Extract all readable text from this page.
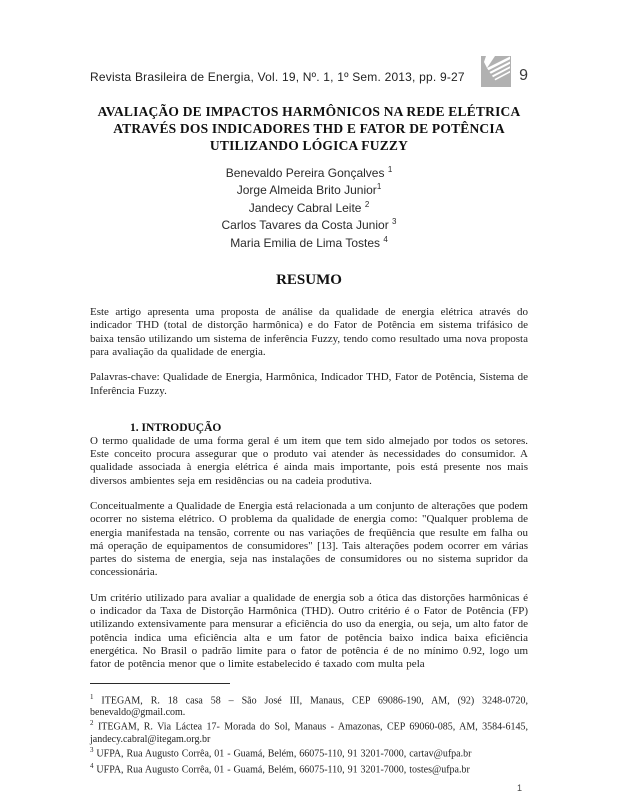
Revista Brasileira de Energia, Vol. 19, Nº. 1, 1º Sem. 2013, pp. 9-27	9
AVALIAÇÃO DE IMPACTOS HARMÔNICOS NA REDE ELÉTRICA
ATRAVÉS DOS INDICADORES THD E FATOR DE POTÊNCIA
UTILIZANDO LÓGICA FUZZY
Benevaldo Pereira Gonçalves $^1$
Jorge Almeida Brito Junior$^1$
Jandecy Cabral Leite $^2$
Carlos Tavares da Costa Junior $^3$
Maria Emilia de Lima Tostes $^4$
RESUMO

Este artigo apresenta uma proposta de análise da qualidade de energia elétrica através do indicador THD (total de distorção harmônica) e do Fator de Potência em sistema trifásico de baixa tensão utilizando um sistema de inferência Fuzzy, tendo como resultado uma nova proposta para avaliação da qualidade de energia.

Palavras-chave: Qualidade de Energia, Harmônica, Indicador THD, Fator de Potência, Sistema de Inferência Fuzzy.

1. INTRODUÇÃO

O termo qualidade de uma forma geral é um item que tem sido almejado por todos os setores. Este conceito procura assegurar que o produto vai atender às necessidades do consumidor. A qualidade associada à energia elétrica é ainda mais importante, pois está presente nos mais diversos ambientes seja em residências ou na cadeia produtiva.

Conceitualmente a Qualidade de Energia está relacionada a um conjunto de alterações que podem ocorrer no sistema elétrico. O problema da qualidade de energia como: "Qualquer problema de energia manifestada na tensão, corrente ou nas variações de freqüência que resulte em falha ou má operação de equipamentos de consumidores" [13]. Tais alterações podem ocorrer em várias partes do sistema de energia, seja nas instalações de consumidores ou no sistema supridor da concessionária.

Um critério utilizado para avaliar a qualidade de energia sob a ótica das distorções harmônicas é o indicador da Taxa de Distorção Harmônica (THD). Outro critério é o Fator de Potência (FP) utilizando extensivamente para mensurar a eficiência do uso da energia, ou seja, um alto fator de potência indica uma eficiência alta e um fator de potência baixo indica baixa eficiência energética. No Brasil o padrão limite para o fator de potência é de no mínimo 0.92, logo um fator de potência menor que o limite estabelecido é taxado com multa pela

$^1$ ITEGAM, R. 18 casa 58 – São José III, Manaus, CEP 69086-190, AM, (92) 3248-0720, benevaldo@gmail.com.

$^2$ ITEGAM, R. Via Láctea 17- Morada do Sol, Manaus - Amazonas, CEP 69060-085, AM, 3584-6145, jandecy.cabral@itegam.org.br

$^3$ UFPA, Rua Augusto Corrêa, 01 - Guamá, Belém, 66075-110, 91 3201-7000, cartav@ufpa.br

$^4$ UFPA, Rua Augusto Corrêa, 01 - Guamá, Belém, 66075-110, 91 3201-7000, tostes@ufpa.br

1
